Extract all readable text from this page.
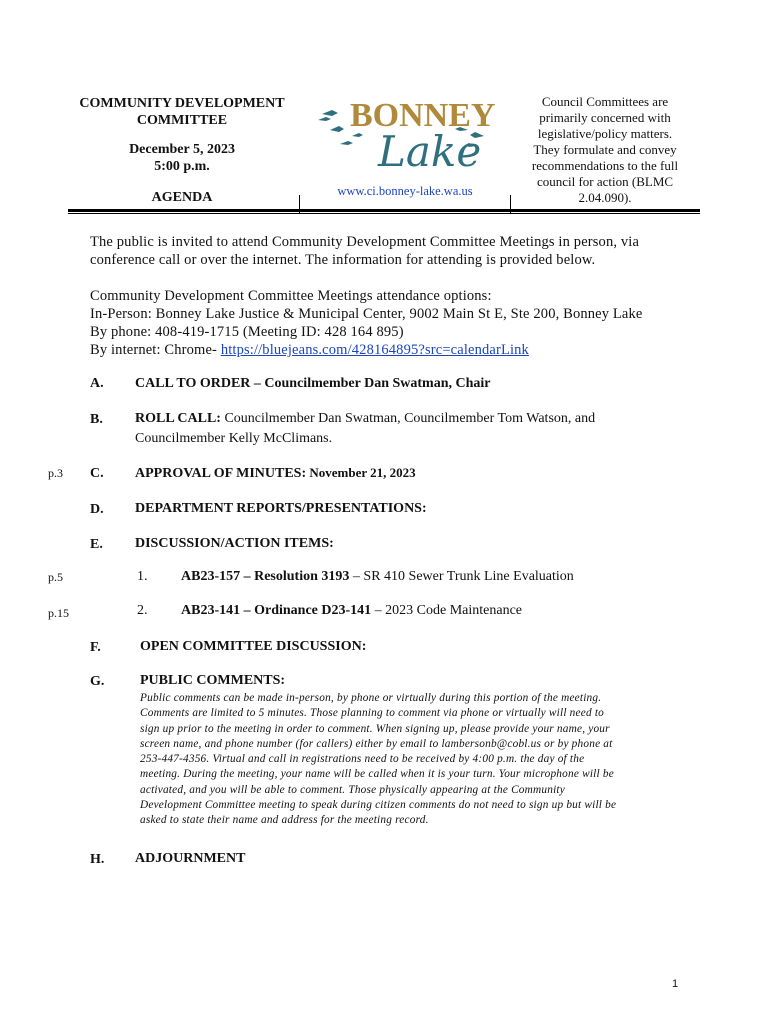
COMMUNITY DEVELOPMENT
COMMITTEE
December 5, 2023
5:00 p.m.
AGENDA
BONNEY
Lake
www.ci.bonney-lake.wa.us
Council Committees are
primarily concerned with
legislative/policy matters.
They formulate and convey
recommendations to the full
council for action (BLMC
2.04.090).
The public is invited to attend Community Development Committee Meetings in person, via
conference call or over the internet. The information for attending is provided below.
Community Development Committee Meetings attendance options:
In-Person: Bonney Lake Justice & Municipal Center, 9002 Main St E, Ste 200, Bonney Lake
By phone: 408-419-1715 (Meeting ID: 428 164 895)
By internet: Chrome- https://bluejeans.com/428164895?src=calendarLink
A. CALL TO ORDER – Councilmember Dan Swatman, Chair
B. ROLL CALL: Councilmember Dan Swatman, Councilmember Tom Watson, and
Councilmember Kelly McClimans.
p.3 C. APPROVAL OF MINUTES: November 21, 2023
D. DEPARTMENT REPORTS/PRESENTATIONS:
E. DISCUSSION/ACTION ITEMS:
p.5	1. AB23-157 – Resolution 3193 – SR 410 Sewer Trunk Line Evaluation
p.15	2. AB23-141 – Ordinance D23-141 – 2023 Code Maintenance
F.	OPEN COMMITTEE DISCUSSION:
G.	PUBLIC COMMENTS:
Public comments can be made in-person, by phone or virtually during this portion of the meeting.
Comments are limited to 5 minutes. Those planning to comment via phone or virtually will need to
sign up prior to the meeting in order to comment. When signing up, please provide your name, your
screen name, and phone number (for callers) either by email to lambersonb@cobl.us or by phone at
253-447-4356. Virtual and call in registrations need to be received by 4:00 p.m. the day of the
meeting. During the meeting, your name will be called when it is your turn. Your microphone will be
activated, and you will be able to comment. Those physically appearing at the Community
Development Committee meeting to speak during citizen comments do not need to sign up but will be
asked to state their name and address for the meeting record.
H. ADJOURNMENT
1
